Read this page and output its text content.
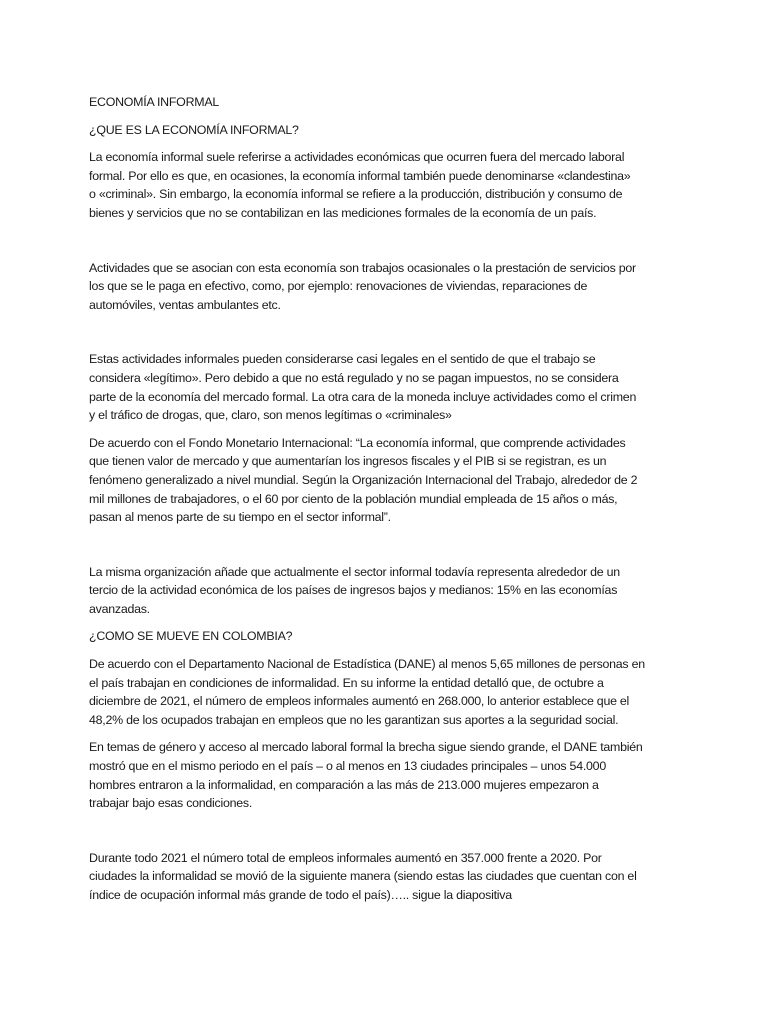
ECONOMÍA INFORMAL

¿QUE ES LA ECONOMÍA INFORMAL?

La economía informal suele referirse a actividades económicas que ocurren fuera del mercado laboral
formal. Por ello es que, en ocasiones, la economía informal también puede denominarse «clandestina»
o «criminal». Sin embargo, la economía informal se refiere a la producción, distribución y consumo de
bienes y servicios que no se contabilizan en las mediciones formales de la economía de un país.

Actividades que se asocian con esta economía son trabajos ocasionales o la prestación de servicios por
los que se le paga en efectivo, como, por ejemplo: renovaciones de viviendas, reparaciones de
automóviles, ventas ambulantes etc.

Estas actividades informales pueden considerarse casi legales en el sentido de que el trabajo se
considera «legítimo». Pero debido a que no está regulado y no se pagan impuestos, no se considera
parte de la economía del mercado formal. La otra cara de la moneda incluye actividades como el crimen
y el tráfico de drogas, que, claro, son menos legítimas o «criminales»

De acuerdo con el Fondo Monetario Internacional: “La economía informal, que comprende actividades
que tienen valor de mercado y que aumentarían los ingresos fiscales y el PIB si se registran, es un
fenómeno generalizado a nivel mundial. Según la Organización Internacional del Trabajo, alrededor de 2
mil millones de trabajadores, o el 60 por ciento de la población mundial empleada de 15 años o más,
pasan al menos parte de su tiempo en el sector informal”.

La misma organización añade que actualmente el sector informal todavía representa alrededor de un
tercio de la actividad económica de los países de ingresos bajos y medianos: 15% en las economías
avanzadas.

¿COMO SE MUEVE EN COLOMBIA?

De acuerdo con el Departamento Nacional de Estadística (DANE) al menos 5,65 millones de personas en
el país trabajan en condiciones de informalidad. En su informe la entidad detalló que, de octubre a
diciembre de 2021, el número de empleos informales aumentó en 268.000, lo anterior establece que el
48,2% de los ocupados trabajan en empleos que no les garantizan sus aportes a la seguridad social.

En temas de género y acceso al mercado laboral formal la brecha sigue siendo grande, el DANE también
mostró que en el mismo periodo en el país – o al menos en 13 ciudades principales – unos 54.000
hombres entraron a la informalidad, en comparación a las más de 213.000 mujeres empezaron a
trabajar bajo esas condiciones.

Durante todo 2021 el número total de empleos informales aumentó en 357.000 frente a 2020. Por
ciudades la informalidad se movió de la siguiente manera (siendo estas las ciudades que cuentan con el
índice de ocupación informal más grande de todo el país)….. sigue la diapositiva
